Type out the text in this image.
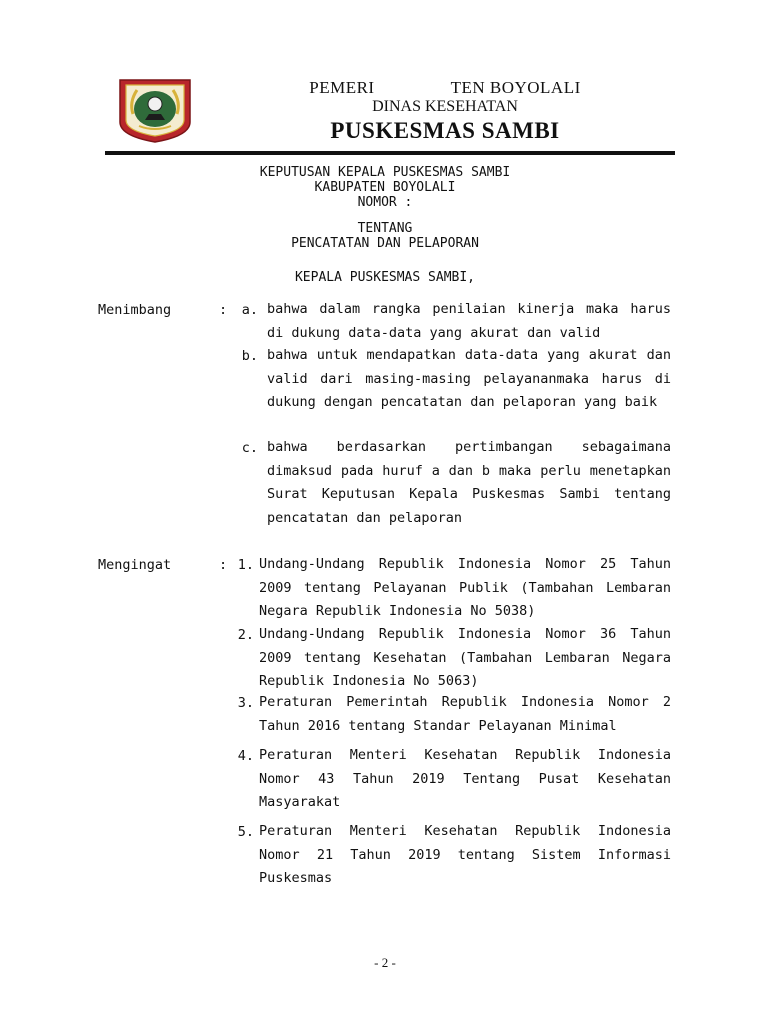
PEMERI	TEN BOYOLALI
DINAS KESEHATAN
PUSKESMAS SAMBI
KEPUTUSAN KEPALA PUSKESMAS SAMBI
KABUPATEN BOYOLALI
NOMOR :
TENTANG
PENCATATAN DAN PELAPORAN
KEPALA PUSKESMAS SAMBI,
Menimbang	: a. bahwa dalam rangka penilaian kinerja maka harus di dukung data-data yang akurat dan valid

b. bahwa untuk mendapatkan data-data yang akurat dan valid dari masing-masing pelayananmaka harus di dukung dengan pencatatan dan pelaporan yang baik

c. bahwa berdasarkan pertimbangan sebagaimana dimaksud pada huruf a dan b maka perlu menetapkan Surat Keputusan Kepala Puskesmas Sambi tentang pencatatan dan pelaporan

Mengingat	: 1. Undang-Undang Republik Indonesia Nomor 25 Tahun 2009 tentang Pelayanan Publik (Tambahan Lembaran Negara Republik Indonesia No 5038)

2. Undang-Undang Republik Indonesia Nomor 36 Tahun 2009 tentang Kesehatan (Tambahan Lembaran Negara Republik Indonesia No 5063)

3. Peraturan Pemerintah Republik Indonesia Nomor 2 Tahun 2016 tentang Standar Pelayanan Minimal

4. Peraturan Menteri Kesehatan Republik Indonesia Nomor 43 Tahun 2019 Tentang Pusat Kesehatan Masyarakat

5. Peraturan Menteri Kesehatan Republik Indonesia Nomor 21 Tahun 2019 tentang Sistem Informasi Puskesmas

- 2 -
